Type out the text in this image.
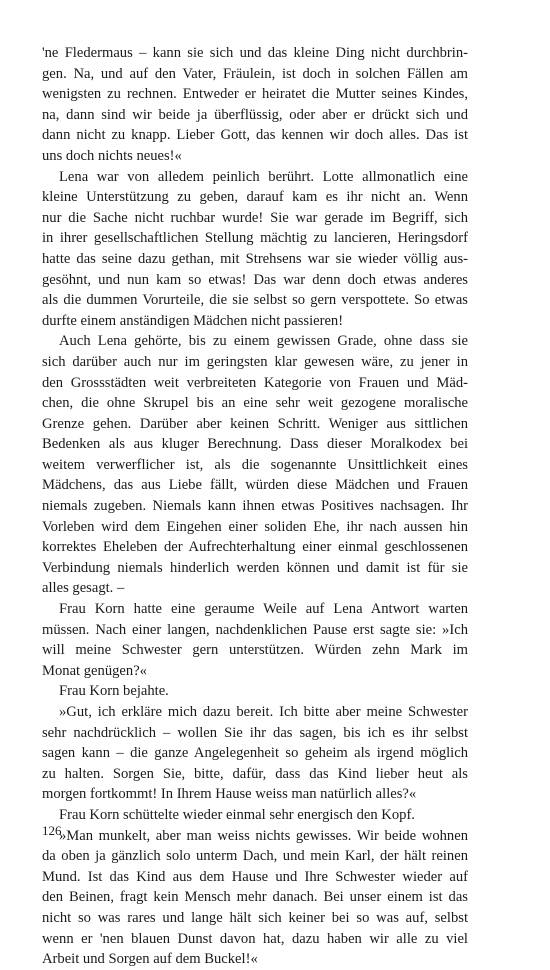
'ne Fledermaus – kann sie sich und das kleine Ding nicht durchbrin-
gen. Na, und auf den Vater, Fräulein, ist doch in solchen Fällen am
wenigsten zu rechnen. Entweder er heiratet die Mutter seines Kindes,
na, dann sind wir beide ja überflüssig, oder aber er drückt sich und
dann nicht zu knapp. Lieber Gott, das kennen wir doch alles. Das ist
uns doch nichts neues!«
Lena war von alledem peinlich berührt. Lotte allmonatlich eine
kleine Unterstützung zu geben, darauf kam es ihr nicht an. Wenn
nur die Sache nicht ruchbar wurde! Sie war gerade im Begriff, sich
in ihrer gesellschaftlichen Stellung mächtig zu lancieren, Heringsdorf
hatte das seine dazu gethan, mit Strehsens war sie wieder völlig aus-
gesöhnt, und nun kam so etwas! Das war denn doch etwas anderes
als die dummen Vorurteile, die sie selbst so gern verspottete. So etwas
durfte einem anständigen Mädchen nicht passieren!
Auch Lena gehörte, bis zu einem gewissen Grade, ohne dass sie
sich darüber auch nur im geringsten klar gewesen wäre, zu jener in
den Grossstädten weit verbreiteten Kategorie von Frauen und Mäd-
chen, die ohne Skrupel bis an eine sehr weit gezogene moralische
Grenze gehen. Darüber aber keinen Schritt. Weniger aus sittlichen
Bedenken als aus kluger Berechnung. Dass dieser Moralkodex bei
weitem verwerflicher ist, als die sogenannte Unsittlichkeit eines
Mädchens, das aus Liebe fällt, würden diese Mädchen und Frauen
niemals zugeben. Niemals kann ihnen etwas Positives nachsagen. Ihr
Vorleben wird dem Eingehen einer soliden Ehe, ihr nach aussen hin
korrektes Eheleben der Aufrechterhaltung einer einmal geschlossenen
Verbindung niemals hinderlich werden können und damit ist für sie
alles gesagt. –
Frau Korn hatte eine geraume Weile auf Lena Antwort warten
müssen. Nach einer langen, nachdenklichen Pause erst sagte sie: »Ich
will meine Schwester gern unterstützen. Würden zehn Mark im
Monat genügen?«
Frau Korn bejahte.
»Gut, ich erkläre mich dazu bereit. Ich bitte aber meine Schwester
sehr nachdrücklich – wollen Sie ihr das sagen, bis ich es ihr selbst
sagen kann – die ganze Angelegenheit so geheim als irgend möglich
zu halten. Sorgen Sie, bitte, dafür, dass das Kind lieber heut als
morgen fortkommt! In Ihrem Hause weiss man natürlich alles?«
Frau Korn schüttelte wieder einmal sehr energisch den Kopf.
»Man munkelt, aber man weiss nichts gewisses. Wir beide wohnen
da oben ja gänzlich solo unterm Dach, und mein Karl, der hält reinen
Mund. Ist das Kind aus dem Hause und Ihre Schwester wieder auf
den Beinen, fragt kein Mensch mehr danach. Bei unser einem ist das
nicht so was rares und lange hält sich keiner bei so was auf, selbst
wenn er 'nen blauen Dunst davon hat, dazu haben wir alle zu viel
Arbeit und Sorgen auf dem Buckel!«
126
